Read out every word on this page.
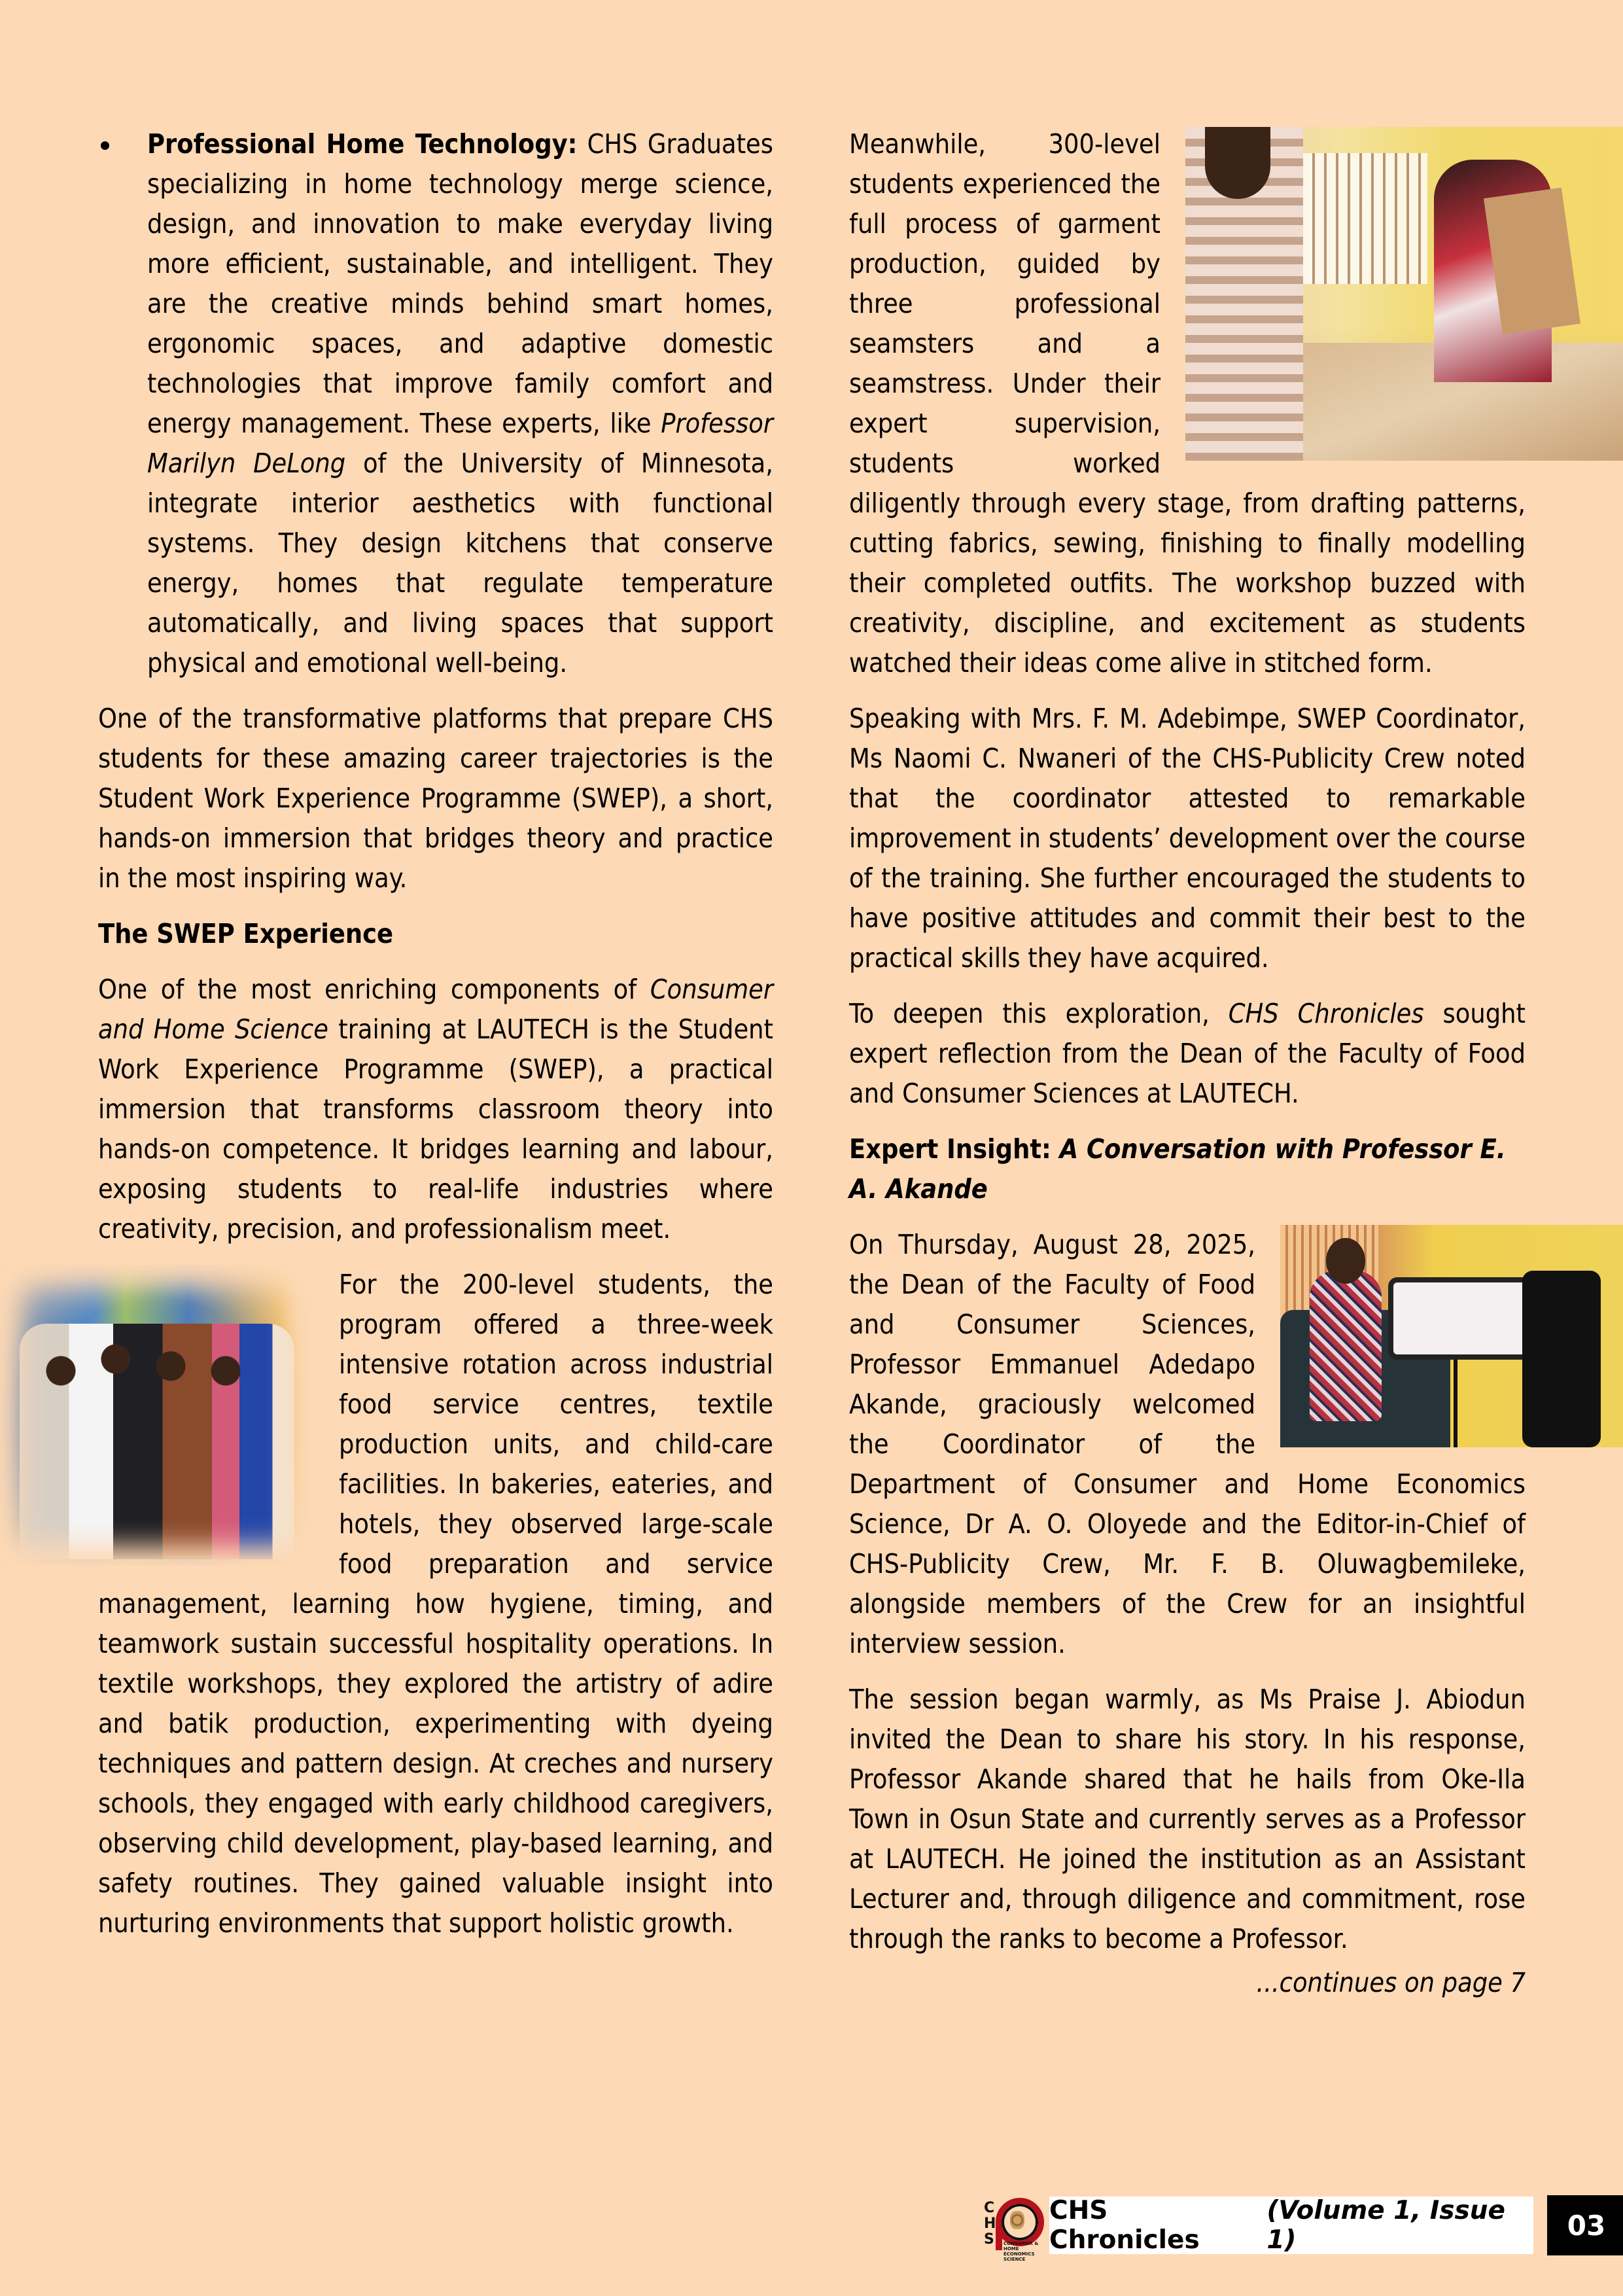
Professional Home Technology: CHS Graduates specializing in home technology merge science, design, and innovation to make everyday living more efficient, sustainable, and intelligent. They are the creative minds behind smart homes, ergonomic spaces, and adaptive domestic technologies that improve family comfort and energy management. These experts, like Professor Marilyn DeLong of the University of Minnesota, integrate interior aesthetics with functional systems. They design kitchens that conserve energy, homes that regulate temperature automatically, and living spaces that support physical and emotional well-being.

One of the transformative platforms that prepare CHS students for these amazing career trajectories is the Student Work Experience Programme (SWEP), a short, hands-on immersion that bridges theory and practice in the most inspiring way.

The SWEP Experience

One of the most enriching components of Consumer and Home Science training at LAUTECH is the Student Work Experience Programme (SWEP), a practical immersion that transforms classroom theory into hands-on competence. It bridges learning and labour, exposing students to real-life industries where creativity, precision, and professionalism meet.

For the 200-level students, the program offered a three-week intensive rotation across industrial food service centres, textile production units, and child-care facilities. In bakeries, eateries, and hotels, they observed large-scale food preparation and service management, learning how hygiene, timing, and teamwork sustain successful hospitality operations. In textile workshops, they explored the artistry of adire and batik production, experimenting with dyeing techniques and pattern design. At creches and nursery schools, they engaged with early childhood caregivers, observing child development, play-based learning, and safety routines. They gained valuable insight into nurturing environments that support holistic growth.

Meanwhile, 300-level students experienced the full process of garment production, guided by three professional seamsters and a seamstress. Under their expert supervision, students worked diligently through every stage, from drafting patterns, cutting fabrics, sewing, finishing to finally modelling their completed outfits. The workshop buzzed with creativity, discipline, and excitement as students watched their ideas come alive in stitched form.

Speaking with Mrs. F. M. Adebimpe, SWEP Coordinator, Ms Naomi C. Nwaneri of the CHS-Publicity Crew noted that the coordinator attested to remarkable improvement in students’ development over the course of the training. She further encouraged the students to have positive attitudes and commit their best to the practical skills they have acquired.

To deepen this exploration, CHS Chronicles sought expert reflection from the Dean of the Faculty of Food and Consumer Sciences at LAUTECH.

Expert Insight: A Conversation with Professor E. A. Akande

On Thursday, August 28, 2025, the Dean of the Faculty of Food and Consumer Sciences, Professor Emmanuel Adedapo Akande, graciously welcomed the Coordinator of the Department of Consumer and Home Economics Science, Dr A. O. Oloyede and the Editor-in-Chief of CHS-Publicity Crew, Mr. F. B. Oluwagbemileke, alongside members of the Crew for an insightful interview session.

The session began warmly, as Ms Praise J. Abiodun invited the Dean to share his story. In his response, Professor Akande shared that he hails from Oke-Ila Town in Osun State and currently serves as a Professor at LAUTECH. He joined the institution as an Assistant Lecturer and, through diligence and commitment, rose through the ranks to become a Professor.

...continues on page 7
C
H
S CONSUMER & HOME ECONOMICS SCIENCE
CHS Chronicles
(Volume 1, Issue 1)	03
